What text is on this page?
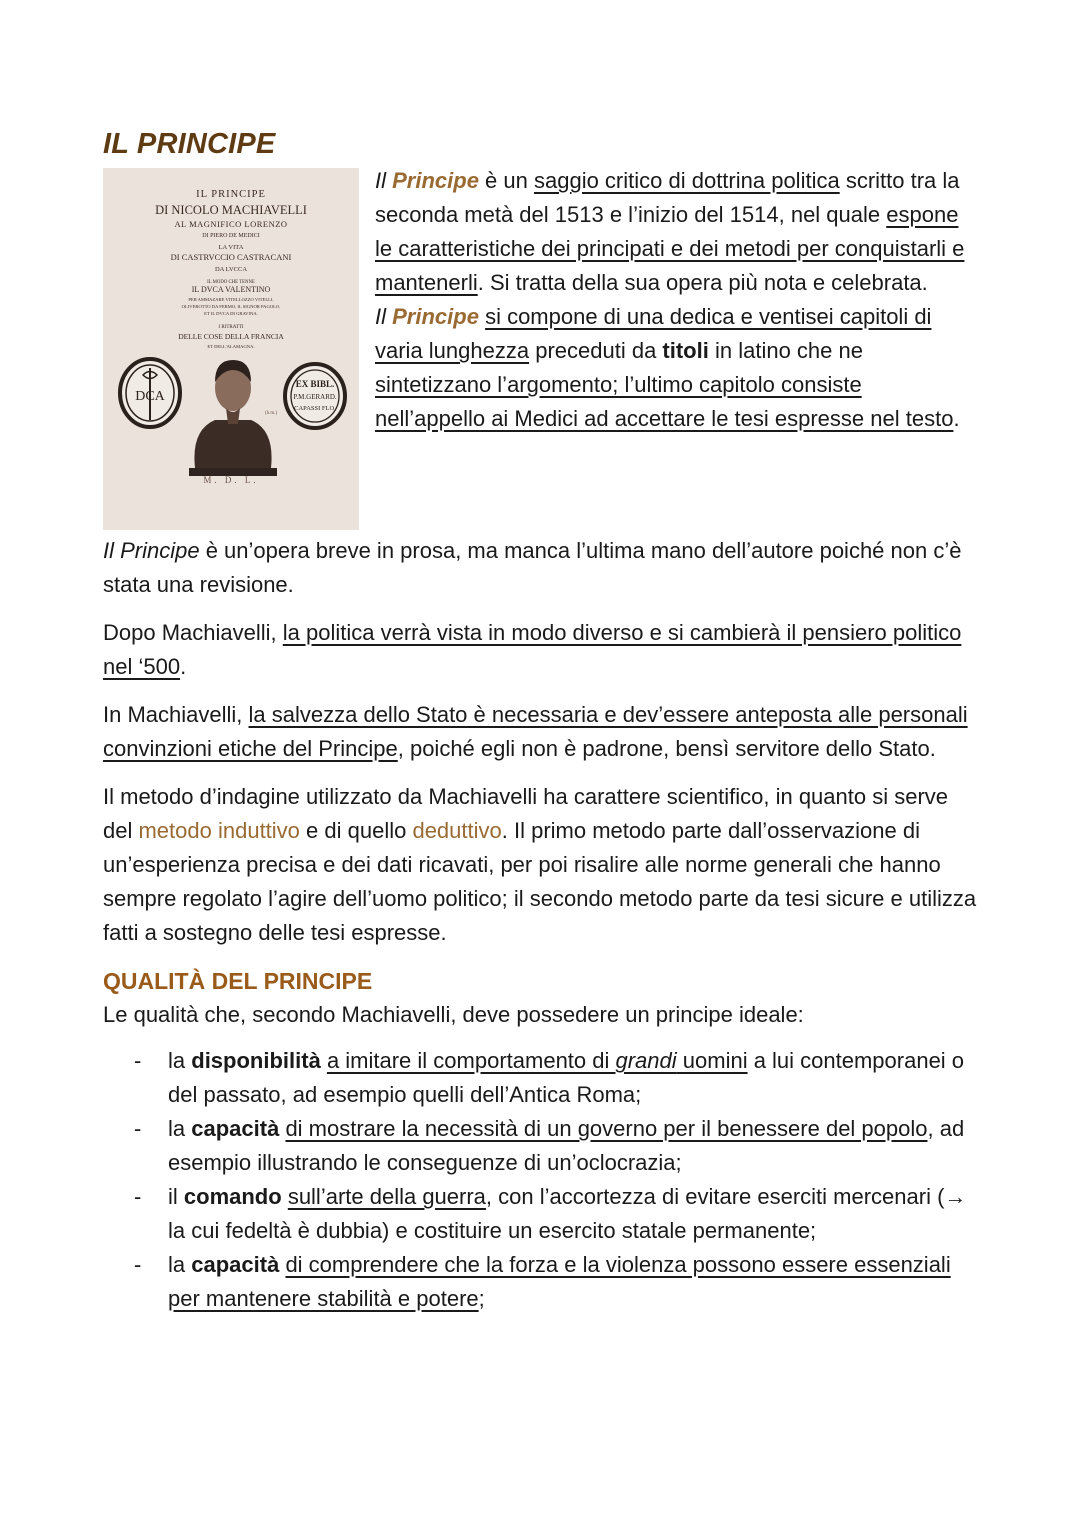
IL PRINCIPE
IL PRINCIPE
DI NICOLO MACHIAVELLI
AL MAGNIFICO LORENZO
DI PIERO DE MEDICI
LA VITA
DI CASTRVCCIO CASTRACANI
DA LVCCA
IL MODO CHE TENNE
IL DVCA VALENTINO
PER AMMAZARE VITELLOZZO VITELLI,
OLIVEROTTO DA FERMO, IL SIGNOR PAGOLO,
ET IL DVCA DI GRAVINA.
I RITRATTI
DELLE COSE DELLA FRANCIA
ET DELL'ALAMAGNA.
DCA
(h.m.)
EX BIBL.
P.M.GERARD.
CAPASSI FLO.
M. D. L.

Il Principe è un saggio critico di dottrina politica scritto tra la seconda metà del 1513 e l’inizio del 1514, nel quale espone le caratteristiche dei principati e dei metodi per conquistarli e mantenerli. Si tratta della sua opera più nota e celebrata.

Il Principe si compone di una dedica e ventisei capitoli di varia lunghezza preceduti da titoli in latino che ne sintetizzano l’argomento; l’ultimo capitolo consiste nell’appello ai Medici ad accettare le tesi espresse nel testo.

Il Principe è un’opera breve in prosa, ma manca l’ultima mano dell’autore poiché non c’è stata una revisione.

Dopo Machiavelli, la politica verrà vista in modo diverso e si cambierà il pensiero politico nel ‘500.

In Machiavelli, la salvezza dello Stato è necessaria e dev’essere anteposta alle personali convinzioni etiche del Principe, poiché egli non è padrone, bensì servitore dello Stato.

Il metodo d’indagine utilizzato da Machiavelli ha carattere scientifico, in quanto si serve del metodo induttivo e di quello deduttivo. Il primo metodo parte dall’osservazione di un’esperienza precisa e dei dati ricavati, per poi risalire alle norme generali che hanno sempre regolato l’agire dell’uomo politico; il secondo metodo parte da tesi sicure e utilizza fatti a sostegno delle tesi espresse.

QUALITÀ DEL PRINCIPE

Le qualità che, secondo Machiavelli, deve possedere un principe ideale:

- la disponibilità a imitare il comportamento di grandi uomini a lui contemporanei o del passato, ad esempio quelli dell’Antica Roma;
- la capacità di mostrare la necessità di un governo per il benessere del popolo, ad esempio illustrando le conseguenze di un’oclocrazia;
- il comando sull’arte della guerra, con l’accortezza di evitare eserciti mercenari (→ la cui fedeltà è dubbia) e costituire un esercito statale permanente;
- la capacità di comprendere che la forza e la violenza possono essere essenziali per mantenere stabilità e potere;
